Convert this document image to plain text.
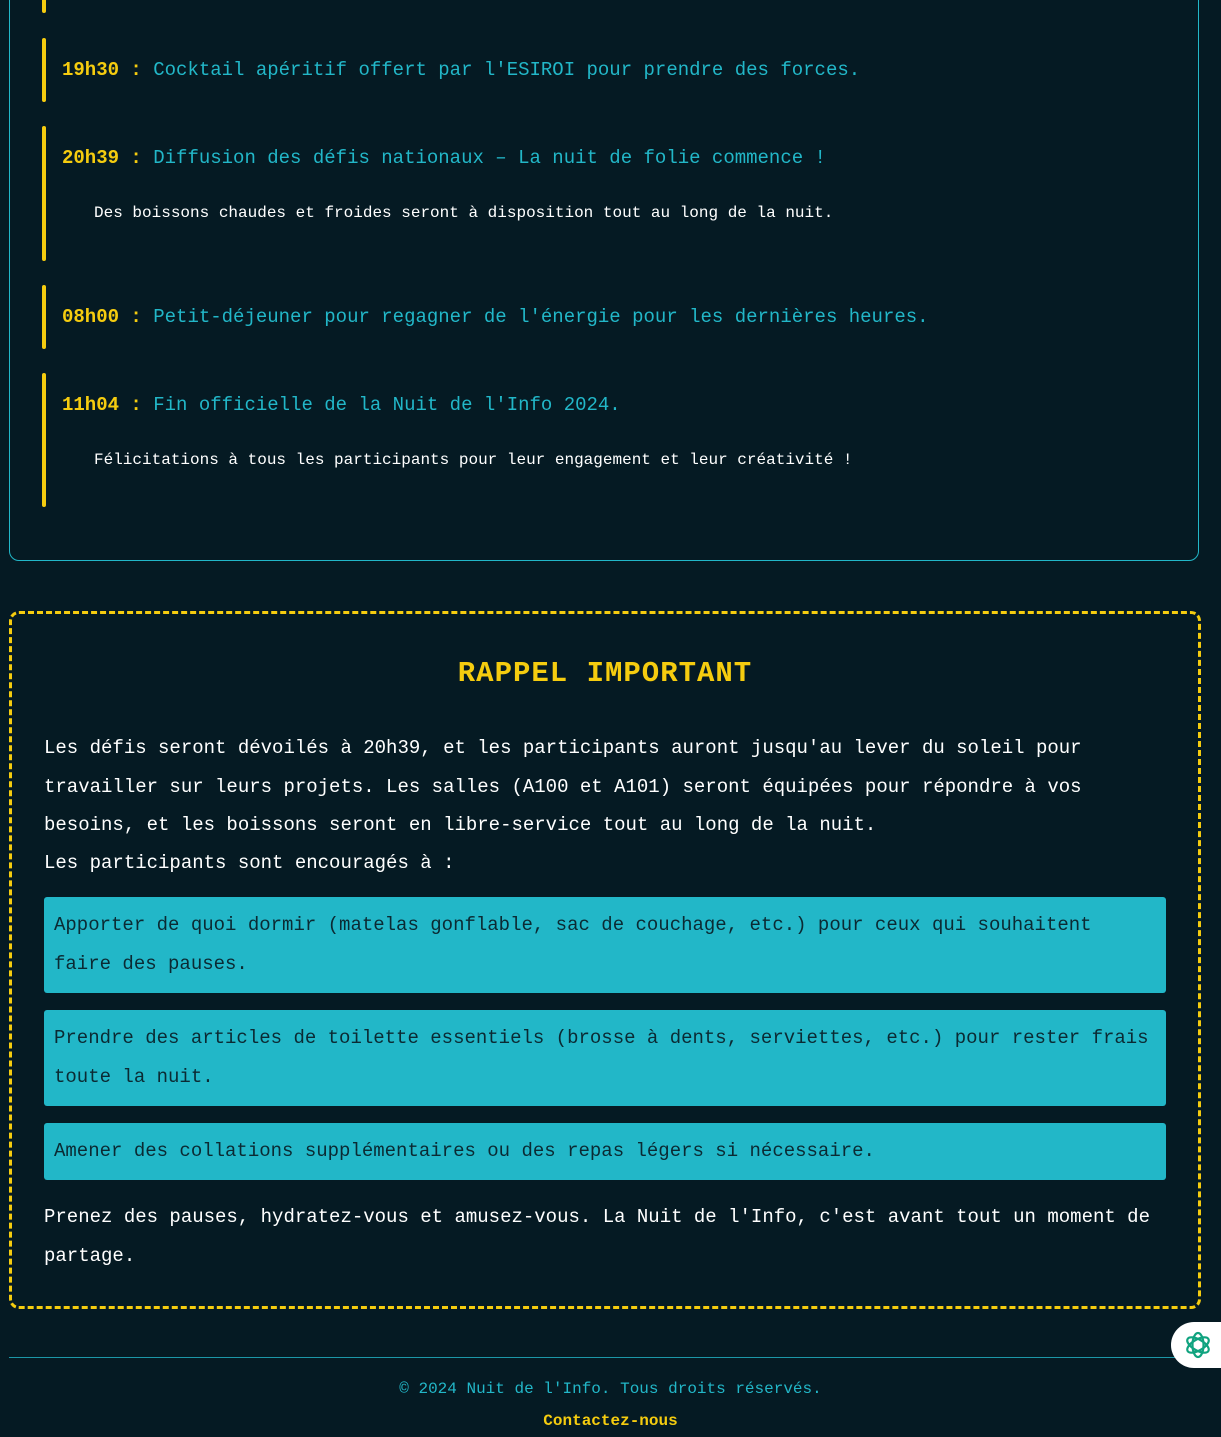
19h30 : Cocktail apéritif offert par l'ESIROI pour prendre des forces.
20h39 : Diffusion des défis nationaux – La nuit de folie commence !
Des boissons chaudes et froides seront à disposition tout au long de la nuit.
08h00 : Petit-déjeuner pour regagner de l'énergie pour les dernières heures.
11h04 : Fin officielle de la Nuit de l'Info 2024.
Félicitations à tous les participants pour leur engagement et leur créativité !
RAPPEL IMPORTANT

Les défis seront dévoilés à 20h39, et les participants auront jusqu'au lever du soleil pour travailler sur leurs projets. Les salles (A100 et A101) seront équipées pour répondre à vos besoins, et les boissons seront en libre-service tout au long de la nuit.

Les participants sont encouragés à :

Apporter de quoi dormir (matelas gonflable, sac de couchage, etc.) pour ceux qui souhaitent faire des pauses.
Prendre des articles de toilette essentiels (brosse à dents, serviettes, etc.) pour rester frais toute la nuit.
Amener des collations supplémentaires ou des repas légers si nécessaire.

Prenez des pauses, hydratez-vous et amusez-vous. La Nuit de l'Info, c'est avant tout un moment de partage.

© 2024 Nuit de l'Info. Tous droits réservés.
Contactez-nous
